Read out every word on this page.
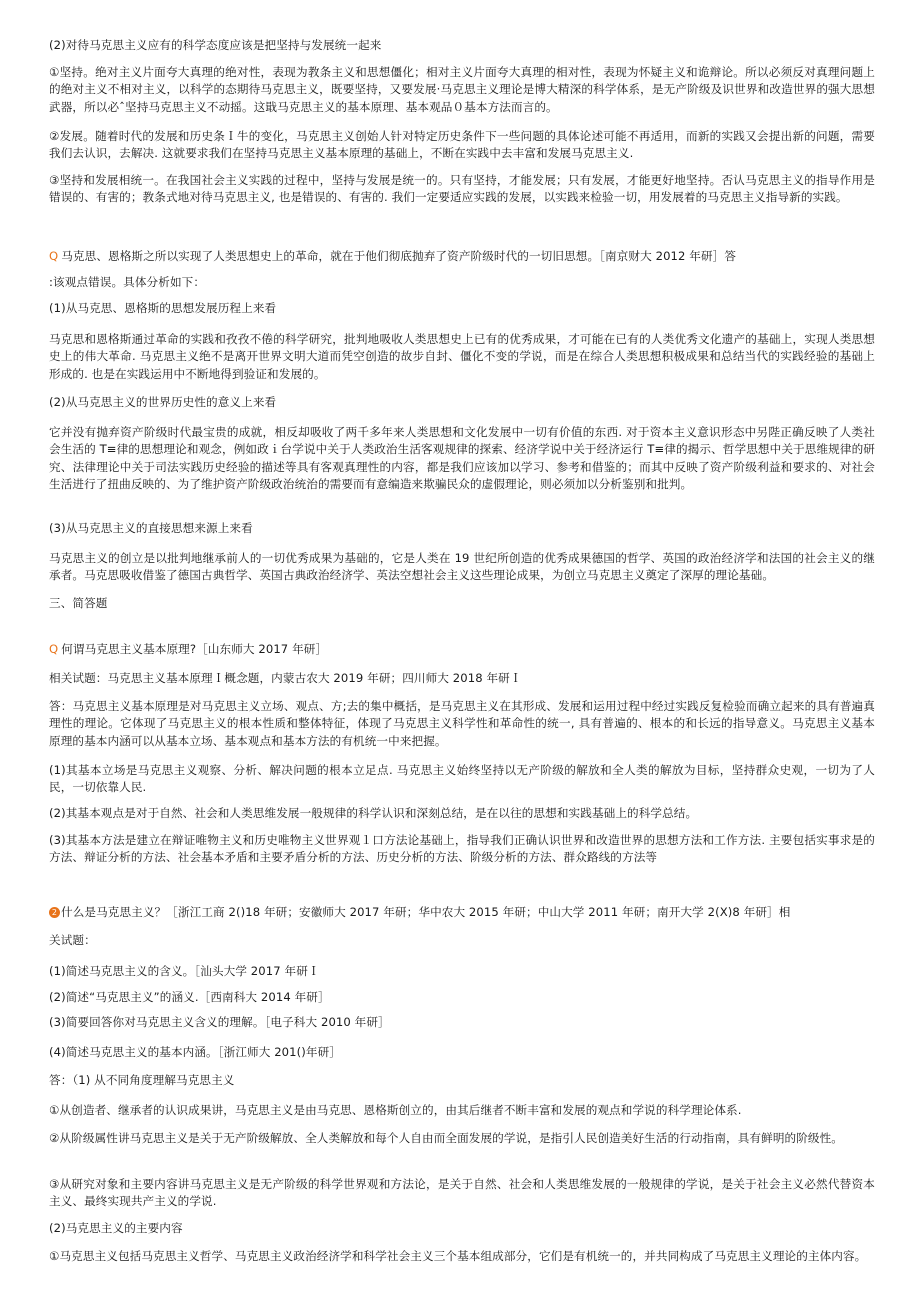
(2)对待马克思主义应有的科学态度应该是把坚持与发展统一起来
①坚持。绝对主义片面夸大真理的绝对性，表现为教条主义和思想僵化；相对主义片面夸大真理的相对性，表现为怀疑主义和诡辩论。所以必须反对真理问题上的绝对主义不相对主义，以科学的态期待马克思主义，既要坚持，又要发展·马克思主义理论是博大精深的科学体系，是无产阶级及识世界和改造世界的强大思想武器，所以必ˆ坚持马克思主义不动摇。这戢马克思主义的基本原理、基本观品０基本方法而言的。
②发展。随着时代的发展和历史条Ｉ牛的变化，马克思主义创始人针对特定历史条件下一些问题的具体论述可能不再适用，而新的实践又会提出新的问题，需要我们去认识，去解决. 这就要求我们在坚持马克思主义基本原理的基础上，不断在实践中去丰富和发展马克思主义.
③坚持和发展相统一。在我国社会主义实践的过程中，坚持与发展是统一的。只有坚持，才能发展；只有发展，才能更好地坚持。否认马克思主义的指导作用是错误的、有害的；教条式地对待马克思主义, 也是错误的、有害的. 我们一定要适应实践的发展，以实践来检验一切，用发展着的马克思主义指导新的实践。
Q 马克思、恩格斯之所以实现了人类思想史上的革命，就在于他们彻底抛弃了资产阶级时代的一切旧思想。［南京财大 2012 年研］答
:该观点错误。具体分析如下：
(1)从马克思、恩格斯的思想发展历程上来看
马克思和恩格斯通过革命的实践和孜孜不倦的科学研究，批判地吸收人类思想史上已有的优秀成果，才可能在已有的人类优秀文化遗产的基础上，实现人类思想史上的伟大革命. 马克思主义绝不是离开世界文明大道而凭空创造的故步自封、僵化不变的学说，而是在综合人类思想积极成果和总结当代的实践经验的基础上形成的. 也是在实践运用中不断地得到验证和发展的。
(2)从马克思主义的世界历史性的意义上来看
它并没有抛弃资产阶级时代最宝贵的成就，相反却吸收了两千多年来人类思想和文化发展中一切有价值的东西. 对于资本主义意识形态中另陛正确反映了人类社会生活的 T≡律的思想理论和观念，例如政ｉ台学说中关于人类政治生活客观规律的探索、经济学说中关于经济运行 T≡律的揭示、哲学思想中关于思维规律的研究、法律理论中关于司法实践历史经验的描述等具有客观真理性的内容，都是我们应该加以学习、参考和借鉴的；而其中反映了资产阶级利益和要求的、对社会生活进行了扭曲反映的、为了维护资产阶级政治统治的需要而有意编造来欺骗民众的虚假理论，则必须加以分析鉴别和批判。
(3)从马克思主义的直接思想来源上来看
马克思主义的创立是以批判地继承前人的一切优秀成果为基础的，它是人类在 19 世纪所创造的优秀成果德国的哲学、英国的政治经济学和法国的社会主义的继承者。马克思吸收借鉴了德国古典哲学、英国古典政治经济学、英法空想社会主义这些理论成果，为创立马克思主义奠定了深厚的理论基础。
三、简答题
Q 何谓马克思主义基本原理?［山东师大 2017 年研］
相关试题：马克思主义基本原理Ｉ概念题，内蒙古农大 2019 年研；四川师大 2018 年研Ｉ
答：马克思主义基本原理是对马克思主义立场、观点、方;去的集中概括，是马克思主义在其形成、发展和运用过程中经过实践反复检验而确立起来的具有普遍真理性的理论。它体现了马克思主义的根本性质和整体特征，体现了马克思主义科学性和革命性的统一, 具有普遍的、根本的和长远的指导意义。马克思主义基本原理的基本内涵可以从基本立场、基本观点和基本方法的有机统一中来把握。
(1)其基本立场是马克思主义观察、分析、解决问题的根本立足点. 马克思主义始终坚持以无产阶级的解放和全人类的解放为目标，坚持群众史观，一切为了人民，一切依靠人民.
(2)其基本观点是对于自然、社会和人类思维发展一般规律的科学认识和深刻总结，是在以往的思想和实践基础上的科学总结。
(3)其基本方法是建立在辩证唯物主义和历史唯物主义世界观１口方法论基础上，指导我们正确认识世界和改造世界的思想方法和工作方法. 主要包括实事求是的方法、辩证分析的方法、社会基本矛盾和主要矛盾分析的方法、历史分析的方法、阶级分析的方法、群众路线的方法等
2 什么是马克思主义？［浙江工商 2()18 年研；安徽师大 2017 年研；华中农大 2015 年研；中山大学 2011 年研；南开大学 2(X)8 年研］相
关试题：
(1)简述马克思主义的含义。［汕头大学 2017 年研Ｉ
(2)简述“马克思主义”的涵义.［西南科大 2014 年研］
(3)简要回答你对马克思主义含义的理解。［电子科大 2010 年研］
(4)简述马克思主义的基本内涵。［浙江师大 201()年研］
答：（1) 从不同角度理解马克思主义
①从创造者、继承者的认识成果讲，马克思主义是由马克思、恩格斯创立的，由其后继者不断丰富和发展的观点和学说的科学理论体系.
②从阶级属性讲马克思主义是关于无产阶级解放、全人类解放和每个人自由而全面发展的学说，是指引人民创造美好生活的行动指南，具有鲜明的阶级性。
③从研究对象和主要内容讲马克思主义是无产阶级的科学世界观和方法论，是关于自然、社会和人类思维发展的一般规律的学说，是关于社会主义必然代替资本主义、最终实现共产主义的学说.
(2)马克思主义的主要内容
①马克思主义包括马克思主义哲学、马克思主义政治经济学和科学社会主义三个基本组成部分，它们是有机统一的，并共同构成了马克思主义理论的主体内容。
